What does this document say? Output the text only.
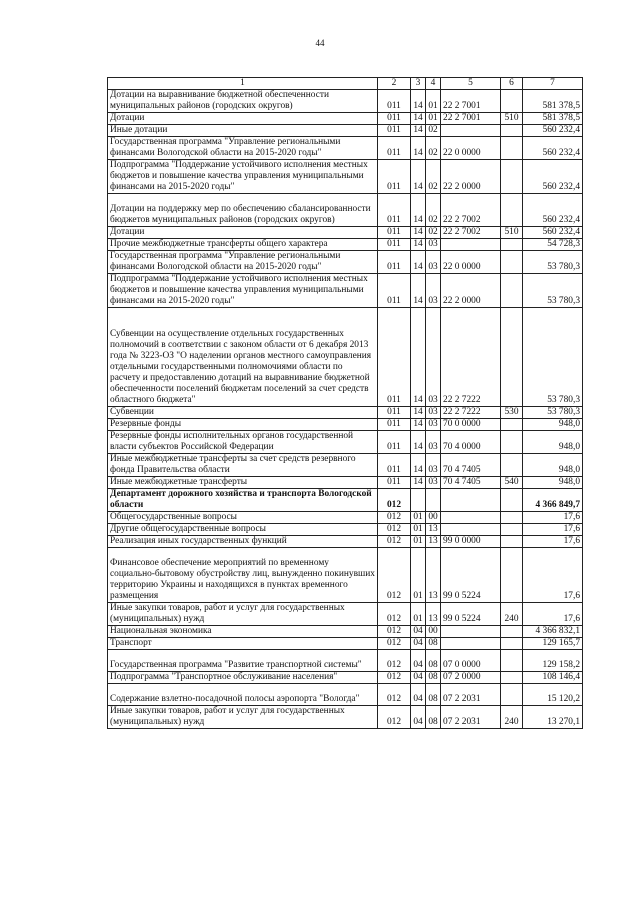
44
1	2	3	4	5	6	7
Дотации на выравнивание бюджетной обеспеченности муниципальных районов (городских округов)	011	14	01	22 2 7001		581 378,5
Дотации	011	14	01	22 2 7001	510	581 378,5
Иные дотации	011	14	02			560 232,4
Государственная программа "Управление региональными финансами Вологодской области на 2015-2020 годы"	011	14	02	22 0 0000		560 232,4
Подпрограмма "Поддержание устойчивого исполнения местных бюджетов и повышение качества управления муниципальными финансами на 2015-2020 годы"	011	14	02	22 2 0000		560 232,4
Дотации на поддержку мер по обеспечению сбалансированности бюджетов муниципальных районов (городских округов)	011	14	02	22 2 7002		560 232,4
Дотации	011	14	02	22 2 7002	510	560 232,4
Прочие межбюджетные трансферты общего характера	011	14	03			54 728,3
Государственная программа "Управление региональными финансами Вологодской области на 2015-2020 годы"	011	14	03	22 0 0000		53 780,3
Подпрограмма "Поддержание устойчивого исполнения местных бюджетов и повышение качества управления муниципальными финансами на 2015-2020 годы"	011	14	03	22 2 0000		53 780,3
Субвенции на осуществление отдельных государственных полномочий в соответствии с законом области от 6 декабря 2013 года № 3223-ОЗ "О наделении органов местного самоуправления отдельными государственными полномочиями области по расчету и предоставлению дотаций на выравнивание бюджетной обеспеченности поселений бюджетам поселений за счет средств областного бюджета"	011	14	03	22 2 7222		53 780,3
Субвенции	011	14	03	22 2 7222	530	53 780,3
Резервные фонды	011	14	03	70 0 0000		948,0
Резервные фонды исполнительных органов государственной власти субъектов Российской Федерации	011	14	03	70 4 0000		948,0
Иные межбюджетные трансферты за счет средств резервного фонда Правительства области	011	14	03	70 4 7405		948,0
Иные межбюджетные трансферты	011	14	03	70 4 7405	540	948,0
Департамент дорожного хозяйства и транспорта Вологодской области	012					4 366 849,7
Общегосударственные вопросы	012	01	00			17,6
Другие общегосударственные вопросы	012	01	13			17,6
Реализация иных государственных функций	012	01	13	99 0 0000		17,6
Финансовое обеспечение мероприятий по временному социально-бытовому обустройству лиц, вынужденно покинувших территорию Украины и находящихся в пунктах временного размещения	012	01	13	99 0 5224		17,6
Иные закупки товаров, работ и услуг для государственных (муниципальных) нужд	012	01	13	99 0 5224	240	17,6
Национальная экономика	012	04	00			4 366 832,1
Транспорт	012	04	08			129 165,7
Государственная программа "Развитие транспортной системы"	012	04	08	07 0 0000		129 158,2
Подпрограмма "Транспортное обслуживание населения"	012	04	08	07 2 0000		108 146,4
Содержание взлетно-посадочной полосы аэропорта "Вологда"	012	04	08	07 2 2031		15 120,2
Иные закупки товаров, работ и услуг для государственных (муниципальных) нужд	012	04	08	07 2 2031	240	13 270,1
